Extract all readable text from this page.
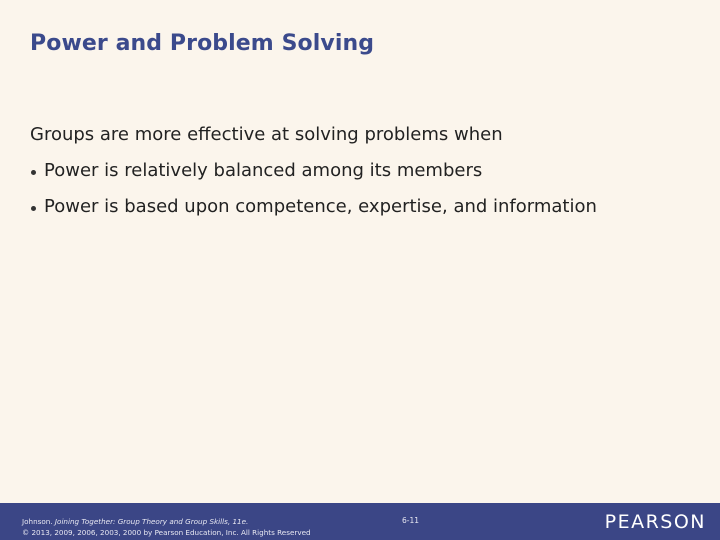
Power and Problem Solving
Groups are more effective at solving problems when
Power is relatively balanced among its members
Power is based upon competence, expertise, and information
Johnson. Joining Together: Group Theory and Group Skills, 11e.
© 2013, 2009, 2006, 2003, 2000 by Pearson Education, Inc. All Rights Reserved
6-11	PEARSON
